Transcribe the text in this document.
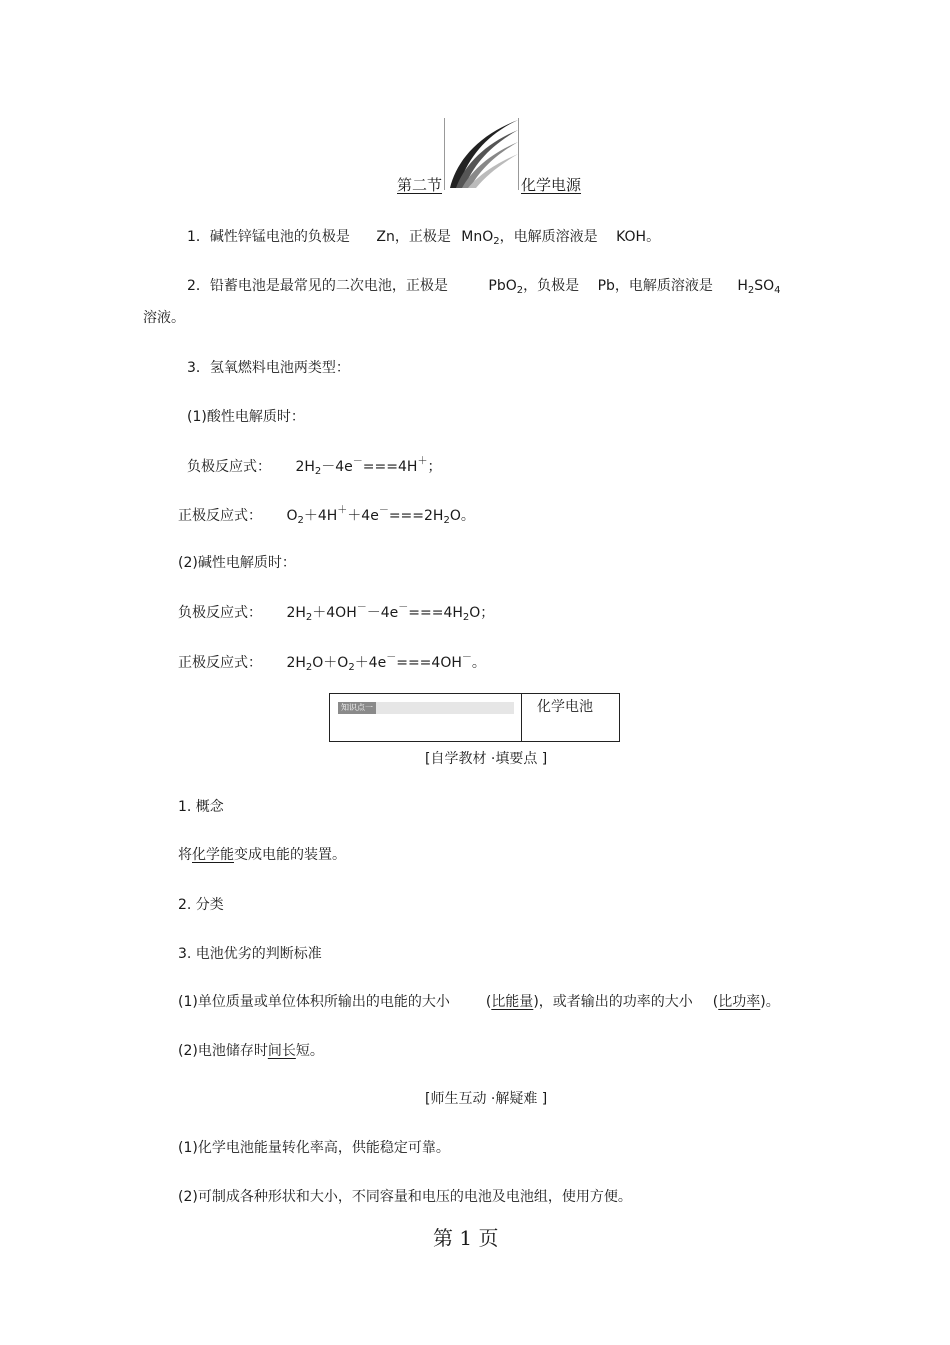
第二节	化学电源
1．碱性锌锰电池的负极是 Zn，正极是 MnO$_2$，电解质溶液是 KOH。
2．铅蓄电池是最常见的二次电池，正极是	PbO$_2$，负极是 Pb，电解质溶液是 $H_2SO_4$
溶液。
3．氢氧燃料电池两类型：
(1)酸性电解质时：
负极反应式： $2H_2-4e^-===4H^+$；
正极反应式： $O_2+4H^++4e^-===2H_2O$。
(2)碱性电解质时：
负极反应式： $2H_2+4OH^--4e^-===4H_2O$；
正极反应式： $2H_2O+O_2+4e^-===4OH^-$。
知识点一	化学电池
[自学教材 ·填要点 ]
1. 概念
将化学能变成电能的装置。
2. 分类
3. 电池优劣的判断标准
(1)单位质量或单位体积所输出的电能的大小	(比能量)，或者输出的功率的大小 (比功率)。
(2)电池储存时间长短。
[师生互动 ·解疑难 ]
(1)化学电池能量转化率高，供能稳定可靠。
(2)可制成各种形状和大小，不同容量和电压的电池及电池组，使用方便。
第 1 页
